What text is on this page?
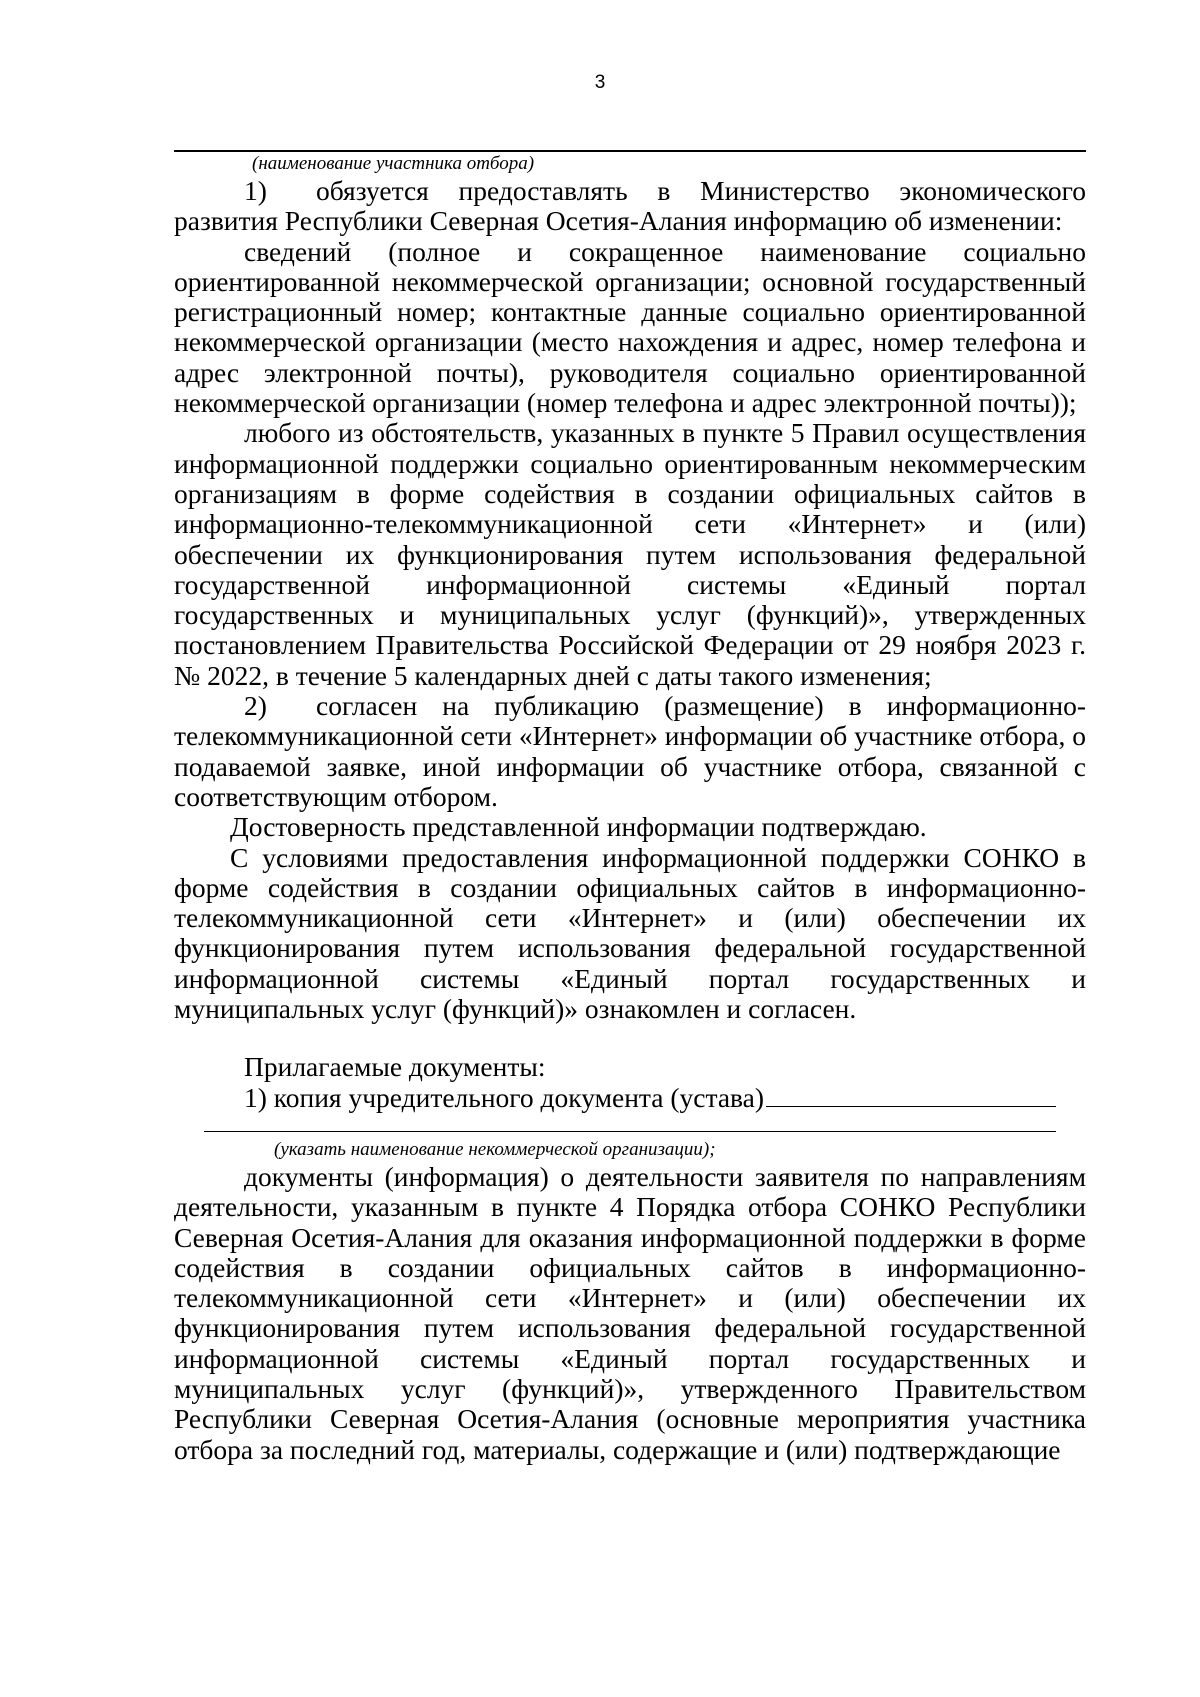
3

(наименование участника отбора)

1) обязуется предоставлять в Министерство экономического развития Республики Северная Осетия-Алания информацию об изменении:

сведений (полное и сокращенное наименование социально ориентированной некоммерческой организации; основной государственный регистрационный номер; контактные данные социально ориентированной некоммерческой организации (место нахождения и адрес, номер телефона и адрес электронной почты), руководителя социально ориентированной некоммерческой организации (номер телефона и адрес электронной почты));

любого из обстоятельств, указанных в пункте 5 Правил осуществления информационной поддержки социально ориентированным некоммерческим организациям в форме содействия в создании официальных сайтов в информационно-телекоммуникационной сети «Интернет» и (или) обеспечении их функционирования путем использования федеральной государственной информационной системы «Единый портал государственных и муниципальных услуг (функций)», утвержденных постановлением Правительства Российской Федерации от 29 ноября 2023 г. № 2022, в течение 5 календарных дней с даты такого изменения;

2) согласен на публикацию (размещение) в информационно-телекоммуникационной сети «Интернет» информации об участнике отбора, о подаваемой заявке, иной информации об участнике отбора, связанной с соответствующим отбором.

Достоверность представленной информации подтверждаю.

С условиями предоставления информационной поддержки СОНКО в форме содействия в создании официальных сайтов в информационно-телекоммуникационной сети «Интернет» и (или) обеспечении их функционирования путем использования федеральной государственной информационной системы «Единый портал государственных и муниципальных услуг (функций)» ознакомлен и согласен.

Прилагаемые документы:

1) копия учредительного документа (устава)

(указать наименование некоммерческой организации);

документы (информация) о деятельности заявителя по направлениям деятельности, указанным в пункте 4 Порядка отбора СОНКО Республики Северная Осетия-Алания для оказания информационной поддержки в форме содействия в создании официальных сайтов в информационно-телекоммуникационной сети «Интернет» и (или) обеспечении их функционирования путем использования федеральной государственной информационной системы «Единый портал государственных и муниципальных услуг (функций)», утвержденного Правительством Республики Северная Осетия-Алания (основные мероприятия участника отбора за последний год, материалы, содержащие и (или) подтверждающие
